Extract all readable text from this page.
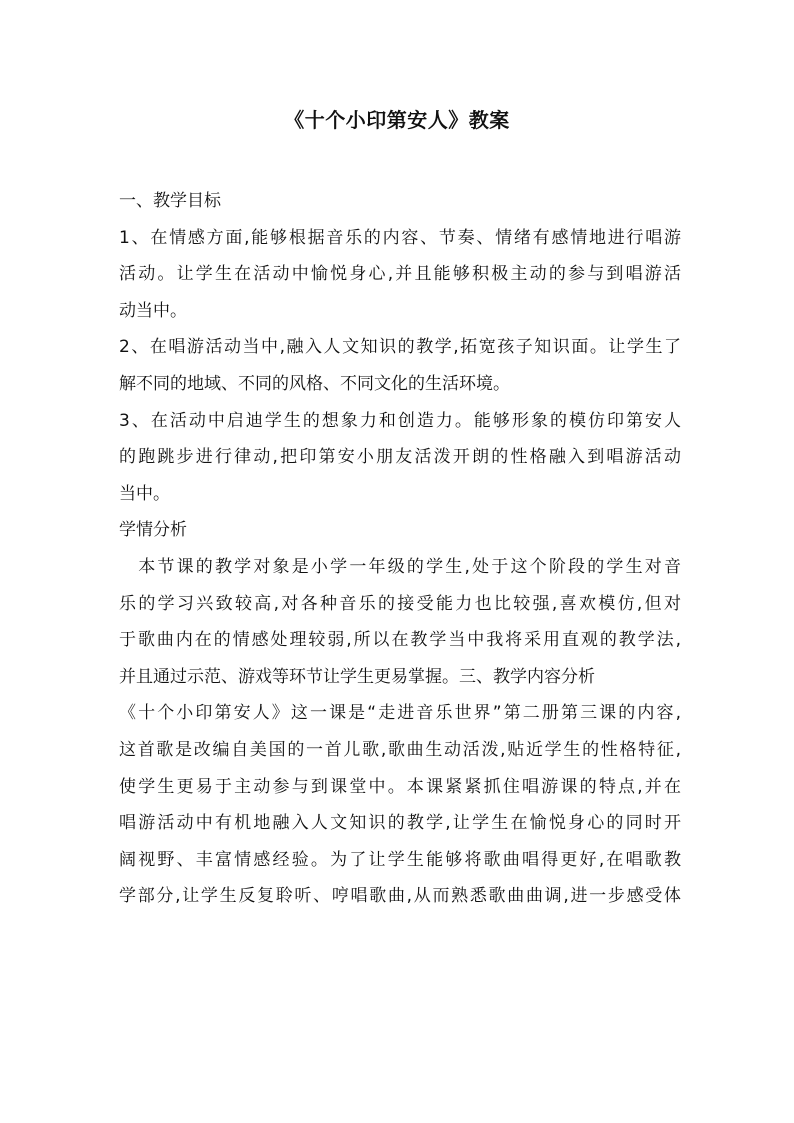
《十个小印第安人》教案
一、教学目标
1、在情感方面,能够根据音乐的内容、节奏、情绪有感情地进行唱游
活动。让学生在活动中愉悦身心,并且能够积极主动的参与到唱游活
动当中。
2、在唱游活动当中,融入人文知识的教学,拓宽孩子知识面。让学生了
解不同的地域、不同的风格、不同文化的生活环境。
3、在活动中启迪学生的想象力和创造力。能够形象的模仿印第安人
的跑跳步进行律动,把印第安小朋友活泼开朗的性格融入到唱游活动
当中。
学情分析
　本节课的教学对象是小学一年级的学生,处于这个阶段的学生对音
乐的学习兴致较高,对各种音乐的接受能力也比较强,喜欢模仿,但对
于歌曲内在的情感处理较弱,所以在教学当中我将采用直观的教学法,
并且通过示范、游戏等环节让学生更易掌握。三、教学内容分析
《十个小印第安人》这一课是“走进音乐世界”第二册第三课的内容,
这首歌是改编自美国的一首儿歌,歌曲生动活泼,贴近学生的性格特征,
使学生更易于主动参与到课堂中。本课紧紧抓住唱游课的特点,并在
唱游活动中有机地融入人文知识的教学,让学生在愉悦身心的同时开
阔视野、丰富情感经验。为了让学生能够将歌曲唱得更好,在唱歌教
学部分,让学生反复聆听、哼唱歌曲,从而熟悉歌曲曲调,进一步感受体
